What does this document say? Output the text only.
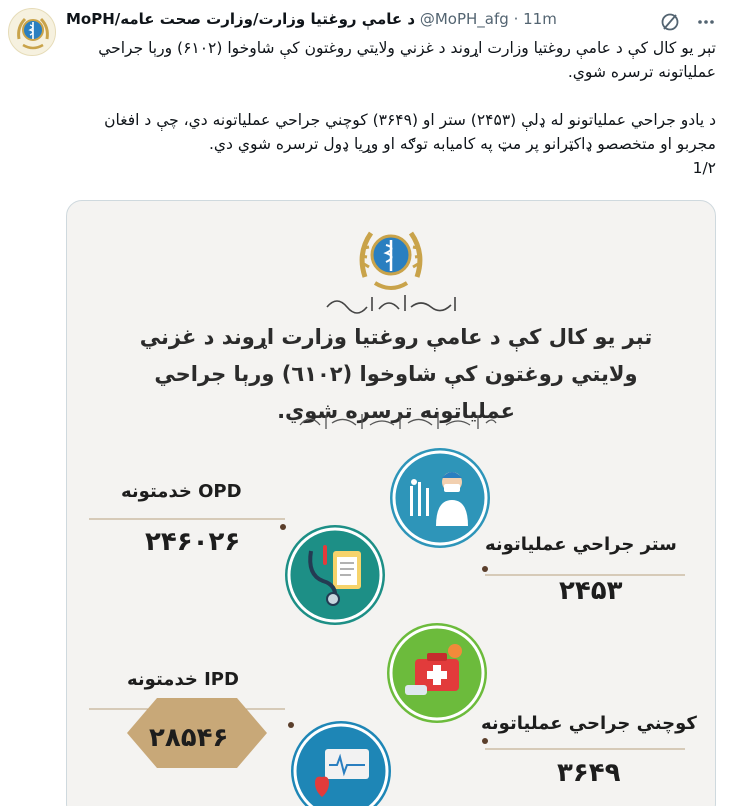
MoPH/د عامې روغتیا وزارت/وزارت صحت عامه @MoPH_afg · 11m
تېر یو کال کې د عامې روغتیا وزارت اړوند د غزني ولایتي روغتون کې شاوخوا (۶۱۰۲) ورېا جراحي عملیاتونه ترسره شوي.
د یادو جراحي عملیاتونو له ډلې (۲۴۵۳) ستر او (۳۶۴۹) کوچني جراحي عملیاتونه دي، چې د افغان مجربو او متخصصو ډاکټرانو پر مټ په کامیابه توګه او وړیا ډول ترسره شوي دي.
1/۲
تېر یو کال کې د عامې روغتیا وزارت اړوند د غزني ولایتي روغتون کې شاوخوا (٦١٠٢) ورېا جراحي عملیاتونه ترسره شوي.
OPD خدمتونه
۲۴۶۰۲۶	ستر جراحي عملیاتونه
۲۴۵۳
IPD خدمتونه
۲۸۵۴۶	کوچني جراحي عملیاتونه
۳۶۴۹
